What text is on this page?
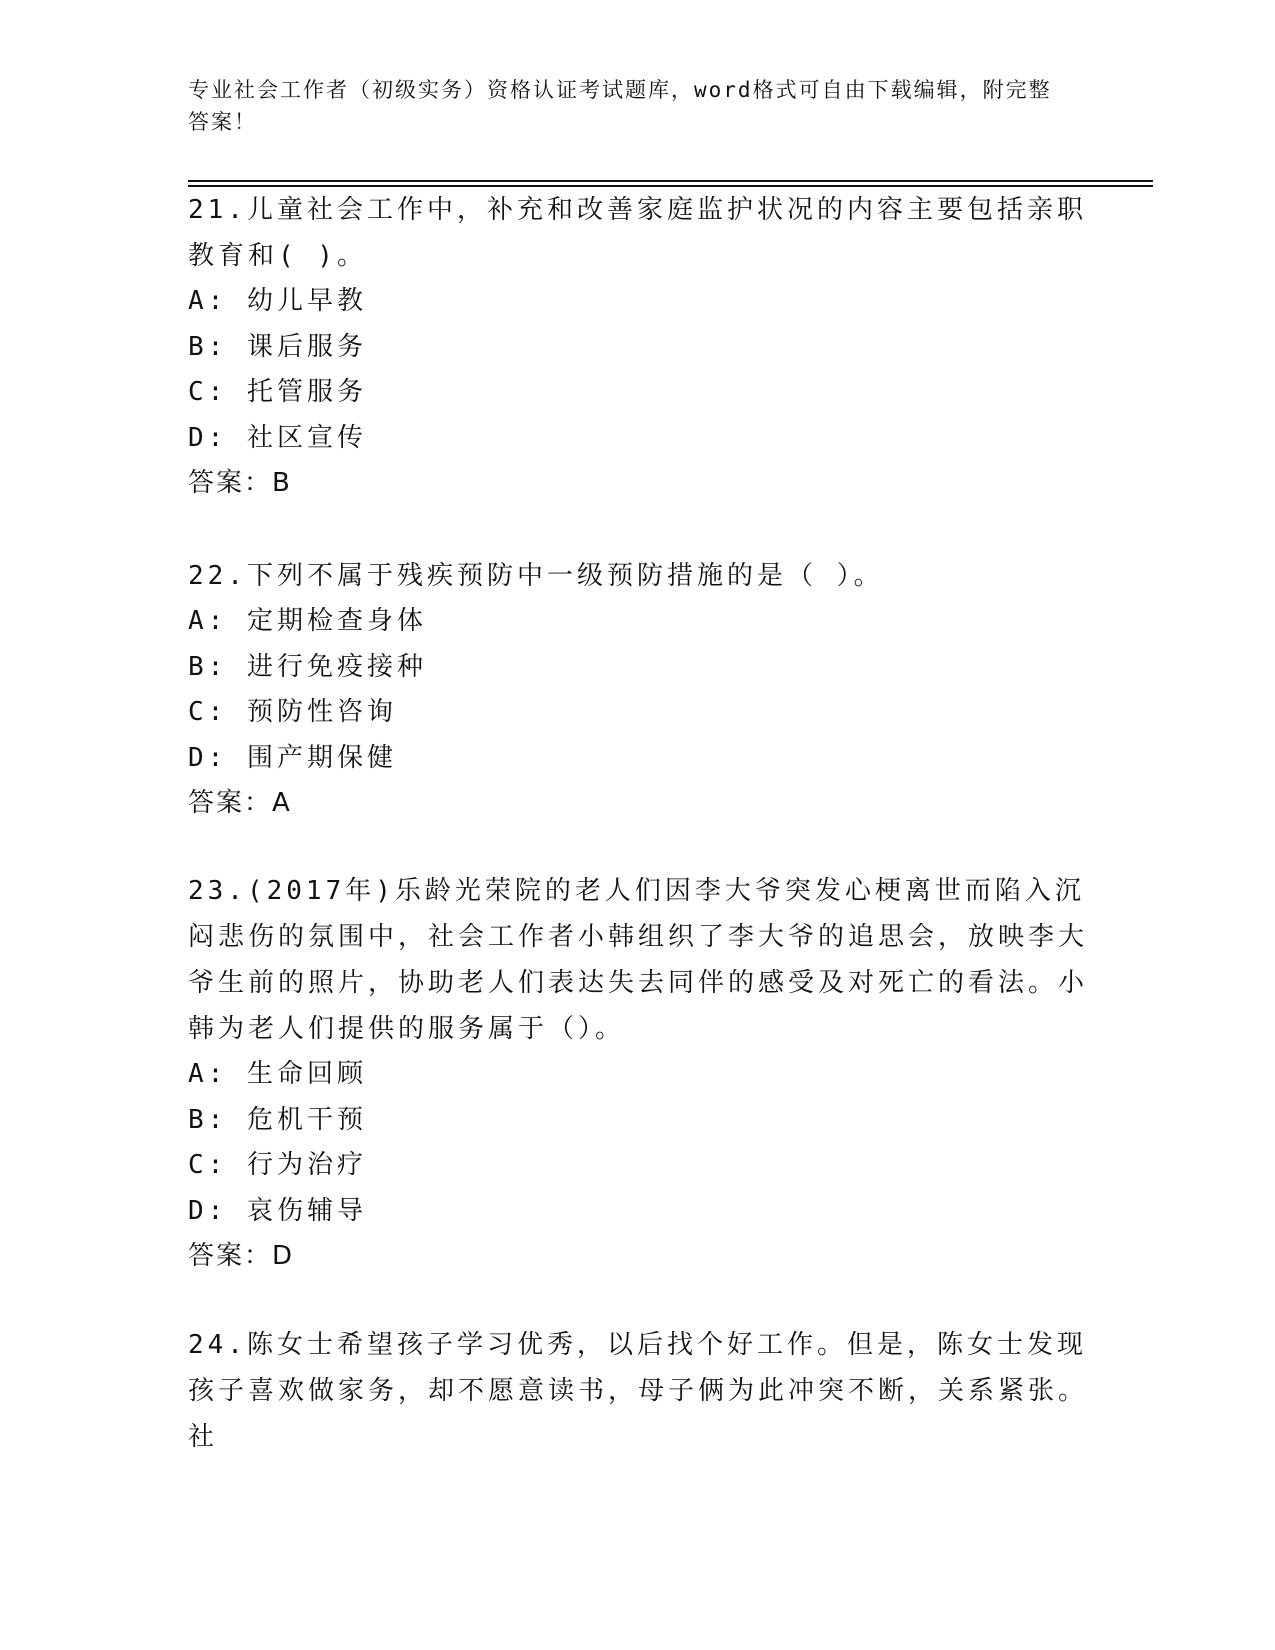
专业社会工作者（初级实务）资格认证考试题库，word格式可自由下载编辑，附完整答案！
21.儿童社会工作中，补充和改善家庭监护状况的内容主要包括亲职教育和( )。
A: 幼儿早教
B: 课后服务
C: 托管服务
D: 社区宣传
答案：B
22.下列不属于残疾预防中一级预防措施的是（ ）。
A: 定期检查身体
B: 进行免疫接种
C: 预防性咨询
D: 围产期保健
答案：A
23.(2017年)乐龄光荣院的老人们因李大爷突发心梗离世而陷入沉闷悲伤的氛围中，社会工作者小韩组织了李大爷的追思会，放映李大爷生前的照片，协助老人们表达失去同伴的感受及对死亡的看法。小韩为老人们提供的服务属于（）。
A: 生命回顾
B: 危机干预
C: 行为治疗
D: 哀伤辅导
答案：D
24.陈女士希望孩子学习优秀，以后找个好工作。但是，陈女士发现孩子喜欢做家务，却不愿意读书，母子俩为此冲突不断，关系紧张。社
